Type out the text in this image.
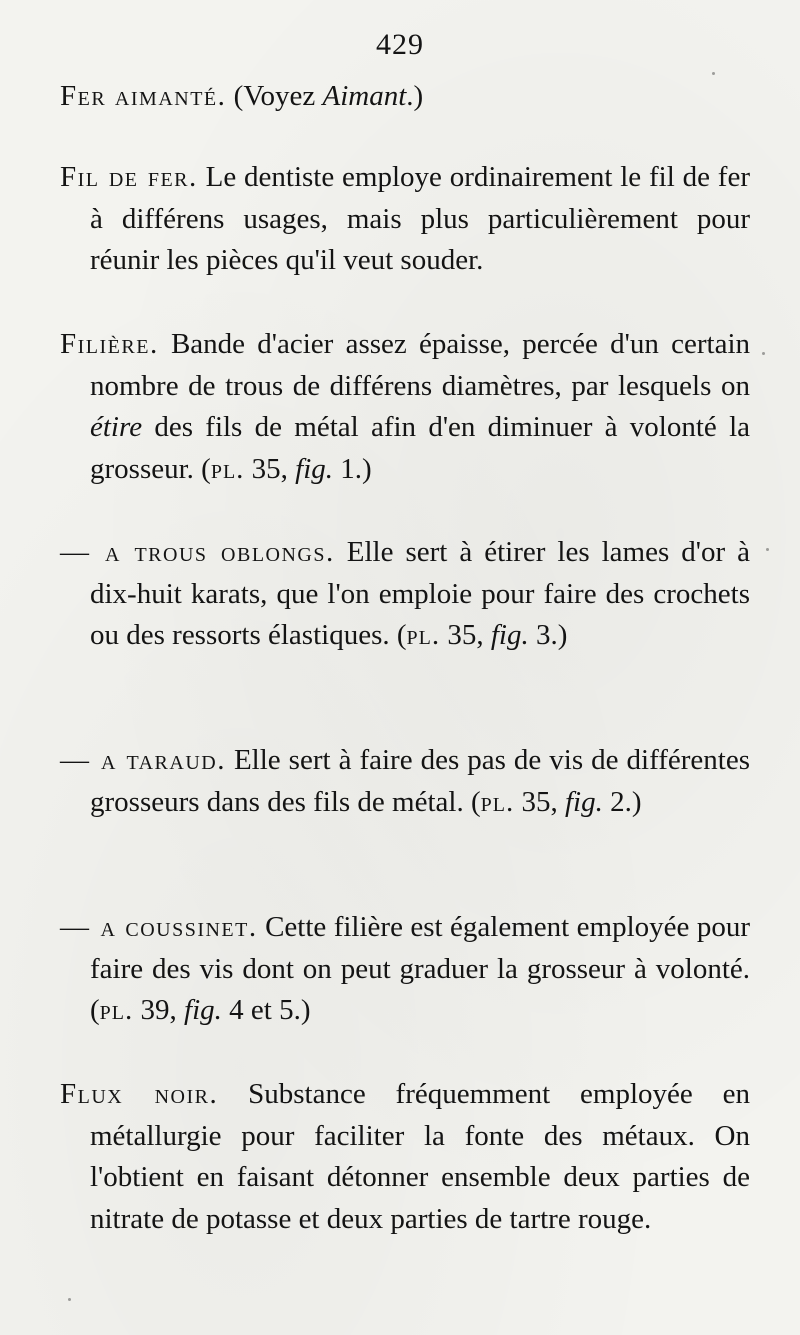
429
Fer aimanté. (Voyez Aimant.)
Fil de fer. Le dentiste employe ordinairement le fil de fer à différens usages, mais plus particulièrement pour réunir les pièces qu'il veut souder.
Filière. Bande d'acier assez épaisse, percée d'un certain nombre de trous de différens diamètres, par lesquels on étire des fils de métal afin d'en diminuer à volonté la grosseur. (pl. 35, fig. 1.)
— a trous oblongs. Elle sert à étirer les lames d'or à dix-huit karats, que l'on emploie pour faire des crochets ou des ressorts élastiques. (pl. 35, fig. 3.)
— a taraud. Elle sert à faire des pas de vis de différentes grosseurs dans des fils de métal. (pl. 35, fig. 2.)
— a coussinet. Cette filière est également employée pour faire des vis dont on peut graduer la grosseur à volonté. (pl. 39, fig. 4 et 5.)
Flux noir. Substance fréquemment employée en métallurgie pour faciliter la fonte des métaux. On l'obtient en faisant détonner ensemble deux parties de nitrate de potasse et deux parties de tartre rouge.
